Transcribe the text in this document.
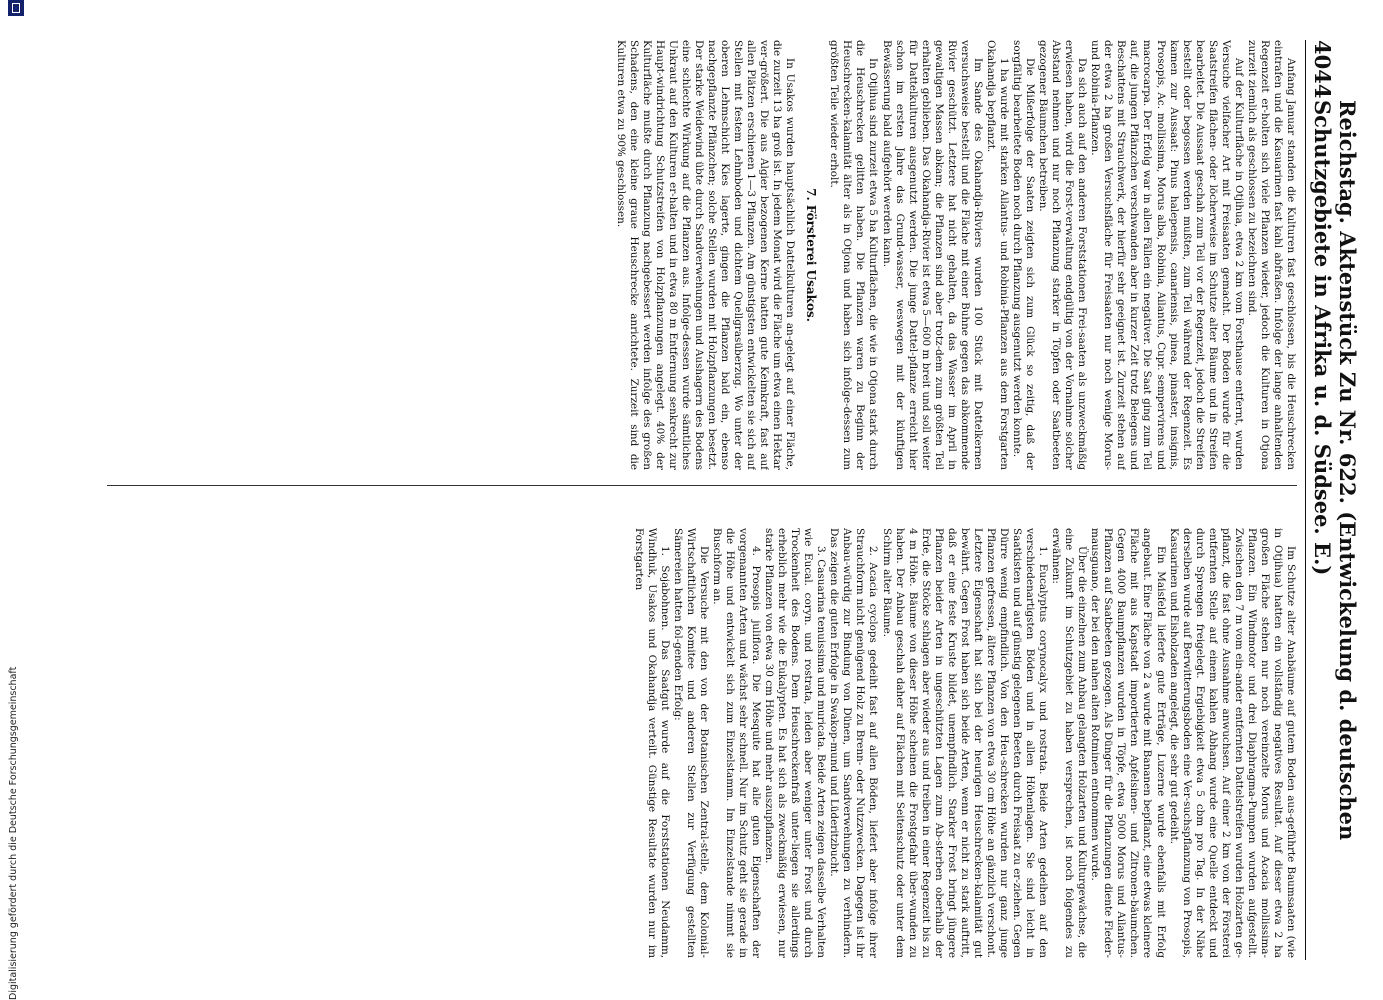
4044
Reichstag. Aktenstück Zu Nr. 622. (Entwickelung d. deutschen Schutzgebiete in Afrika u. d. Südsee. E.)

Anfang Januar standen die Kulturen fast geschlossen, bis die Heuschrecken eintrafen und die Kasuarinen fast kahl abfraßen. Infolge der lange anhaltenden Regenzeit er-holten sich viele Pflanzen wieder, jedoch die Kulturen in Otjona zurzeit ziemlich als geschlossen zu bezeichnen sind.

Auf der Kulturfläche in Otjihua, etwa 2 km vom Forsthause entfernt, wurden Versuche vielfacher Art mit Freisaaten gemacht. Der Boden wurde für die Saatstreifen flächen- oder löcherweise im Schutze alter Bäume und in Streifen bearbeitet. Die Aussaat geschah zum Teil vor der Regenzeit, jedoch die Streifen bestellt oder begossen werden mußten, zum Teil während der Regenzeit. Es kamen zur Aussaat: Pinus halepensis, canariensis, pinea, pinaster, insignis, Prosopis, Ac. mollissima, Morus alba, Robinia, Ailantus, Cupr. sempervirens und macrocarpa. Der Erfolg war in allen Fällen ein negativer. Die Saat ging zum Teil auf, die jungen Pflänzchen verschwanden aber in kurzer Zeit trotz Belegens und Beschattens mit Strauchwerk, der hierfür sehr geeignet ist. Zurzeit stehen auf der etwa 2 ha großen Versuchsfläche für Freisaaten nur noch wenige Morus- und Robinia-Pflanzen.

Da sich auch auf den anderen Forststationen Frei-saaten als unzweckmäßig erwiesen haben, wird die Forst-verwaltung endgültig von der Vornahme solcher Abstand nehmen und nur noch Pflanzung starker in Töpfen oder Saatbeeten gezogener Bäumchen betreiben.

Die Mißerfolge der Saaten zeigten sich zum Glück so zeitig, daß der sorgfältig bearbeitete Boden noch durch Pflanzung ausgenutzt werden konnte.

1 ha wurde mit starken Ailantus- und Robinia-Pflanzen aus dem Forstgarten Okahandja bepflanzt.

Im Sande des Okahandja-Riviers wurden 100 Stück mit Dattelkernen versuchsweise bestellt und die Fläche mit einer Buhne gegen das abkommende Rivier geschützt. Letztere hat nicht gehalten, da das Wasser im April in gewaltigen Massen abkam; die Pflanzen sind aber trotz-dem zum größten Teil erhalten geblieben. Das Okahandja-Rivier ist etwa 5—600 m breit und soll weiter für Dattelkulturen ausgenutzt werden. Die junge Dattel-pflanze erreicht hier schon im ersten Jahre das Grund-wasser, weswegen mit der künftigen Bewässerung bald aufgehört werden kann.

In Otjihua sind zurzeit etwa 5 ha Kulturflächen, die wie in Otjona stark durch die Heuschrecken gelitten haben. Die Pflanzen waren zu Beginn der Heuschrecken-kalamität älter als in Otjona und haben sich infolge-dessen zum größten Teile wieder erholt.

7. Försterei Usakos.

In Usakos wurden hauptsächlich Dattelkulturen an-gelegt auf einer Fläche, die zurzeit 13 ha groß ist. In jedem Monat wird die Fläche um etwa einen Hektar ver-größert. Die aus Algier bezogenen Kerne hatten gute Keimkraft, fast auf allen Plätzen erschienen 1—3 Pflanzen. Am günstigsten entwickelten sie sich auf Stellen mit festem Lehmboden und dichtem Quellgrasüberzug. Wo unter der oberen Lehmschicht Kies lagerte, gingen die Pflanzen bald ein, ebenso nachgepflanzte Pflänzchen; solche Stellen wurden mit Holzpflanzungen besetzt. Der starke Weidewind übte durch Sandverwehungen und Aushagern des Bodens eine schlechte Wirkung auf die Pflanzen aus. Infolge-dessen wurde sämtliches Unkraut auf den Kulturen er-halten und in etwa 80 m Entfernung senkrecht zur Haupt-windrichtung Schutzstreifen von Holzpflanzungen angelegt. 40% der Kulturfläche mußte durch Pflanzung nachgebessert werden infolge des großen Schadens, den eine kleine graue Heuschrecke anrichtete. Zurzeit sind die Kulturen etwa zu 90% geschlossen.

Im Schutze alter Anabäume auf gutem Boden aus-geführte Baumsaaten (wie in Otjihua) hatten ein vollständig negatives Resultat. Auf dieser etwa 2 ha großen Fläche stehen nur noch vereinzelte Morus und Acacia mollissima-Pflanzen. Ein Windmotor und drei Diaphragma-Pumpen wurden aufgestellt. Zwischen den 7 m vom ein-ander entfernten Dattelstreifen wurden Holzarten ge-pflanzt, die fast ohne Ausnahme anwuchsen. Auf einer 2 km von der Försterei entfernten Stelle auf einem kahlen Abhang wurde eine Quelle entdeckt und durch Sprengen freigelegt. Ergiebigkeit etwa 5 cbm pro Tag. In der Nähe derselben wurde auf Berwitterungsboden eine Ver-suchspflanzung von Prosopis, Kasuarinen und Eisholzaden angelegt, die sehr gut gedeiht.

Ein Maisfeld lieferte gute Erträge, Luzerne wurde ebenfalls mit Erfolg angebaut. Eine Fläche von 2 a wurde mit Bananen bepflanzt, eine etwas kleinere Fläche mit aus Kapstadt importierten Apfelsinen- und Zitronen-bäumchen. Gegen 4000 Baumpflanzen wurden in Töpfe, etwa 5000 Morus und Ailantus-Pflanzen auf Saatbeeten gezogen. Als Dünger für die Pflanzungen diente Fleder-mausguano, der bei den nahen alten Rotminen entnommen wurde.

Über die einzelnen zum Anbau gelangten Holzarten und Kulturgewächse, die eine Zukunft im Schutzgebiet zu haben versprechen, ist noch folgendes zu erwähnen:

1. Eucalyptus corynocalyx und rostrata. Beide Arten gedeihen auf den verschiedenartigsten Böden und in allen Höhenlagen. Sie sind leicht in Saatkisten und auf günstig gelegenen Beeten durch Freisaat zu er-ziehen. Gegen Dürre wenig empfindlich. Von den Heu-schrecken wurden nur ganz junge Pflanzen gefressen, ältere Pflanzen von etwa 30 cm Höhe an gänzlich verschont. Letztere Eigenschaft hat sich bei der heurigen Heuschrecken-kalamität gut bewährt. Gegen Frost haben sich beide Arten, wenn er nicht zu stark auftritt, daß er eine feste Kruste bildet, unempfindlich. Starker Frost bringt jüngere Pflanzen beider Arten in ungeschützten Lagen zum Ab-sterben oberhalb der Erde, die Stöcke schlagen aber wieder aus und treiben in einer Regenzeit bis zu 4 m Höhe. Bäume von dieser Höhe scheinen die Frostgefahr über-wunden zu haben. Der Anbau geschah daher auf Flächen mit Seitenschutz oder unter dem Schirm alter Bäume.

2. Acacia cyclops gedeiht fast auf allen Böden, liefert aber infolge ihrer Strauchform nicht genügend Holz zu Brenn- oder Nutzzwecken. Dagegen ist ihr Anbau-würdig zur Bindung von Dünen, um Sandverwehungen zu verhindern. Das zeigen die guten Erfolge in Swakop-mund und Lüderitzbucht.

3. Casuarina tenuissima und muricata. Beide Arten zeigen dasselbe Verhalten wie Eucal. coryn. und rostrata, leiden aber weniger unter Frost und durch Trockenheit des Bodens. Dem Heuschreckenfraß unter-liegen sie allerdings erheblich mehr wie die Eukalypten. Es hat sich als zweckmäßig erwiesen, nur starke Pflanzen von etwa 30 cm Höhe und mehr auszupflanzen.

4. Prosopis juliflora. Die Mesquite hat alle guten Eigenschaften der vorgenannten Arten und wächst sehr schnell. Nur im Schutz geht sie gerade in die Höhe und entwickelt sich zum Einzelstamm. Im Einzelstande nimmt sie Buschform an.

Die Versuche mit den von der Botanischen Zentral-stelle, dem Kolonial-Wirtschaftlichen Komitee und anderen Stellen zur Verfügung gestellten Sämereien hatten fol-genden Erfolg:

1. Sojabohnen. Das Saatgut wurde auf die Forststationen Neudamm, Windhuk, Usakos und Okahandja verteilt. Günstige Resultate wurden nur im Forstgarten

Digitalisierung gefördert durch die Deutsche Forschungsgemeinschaft
